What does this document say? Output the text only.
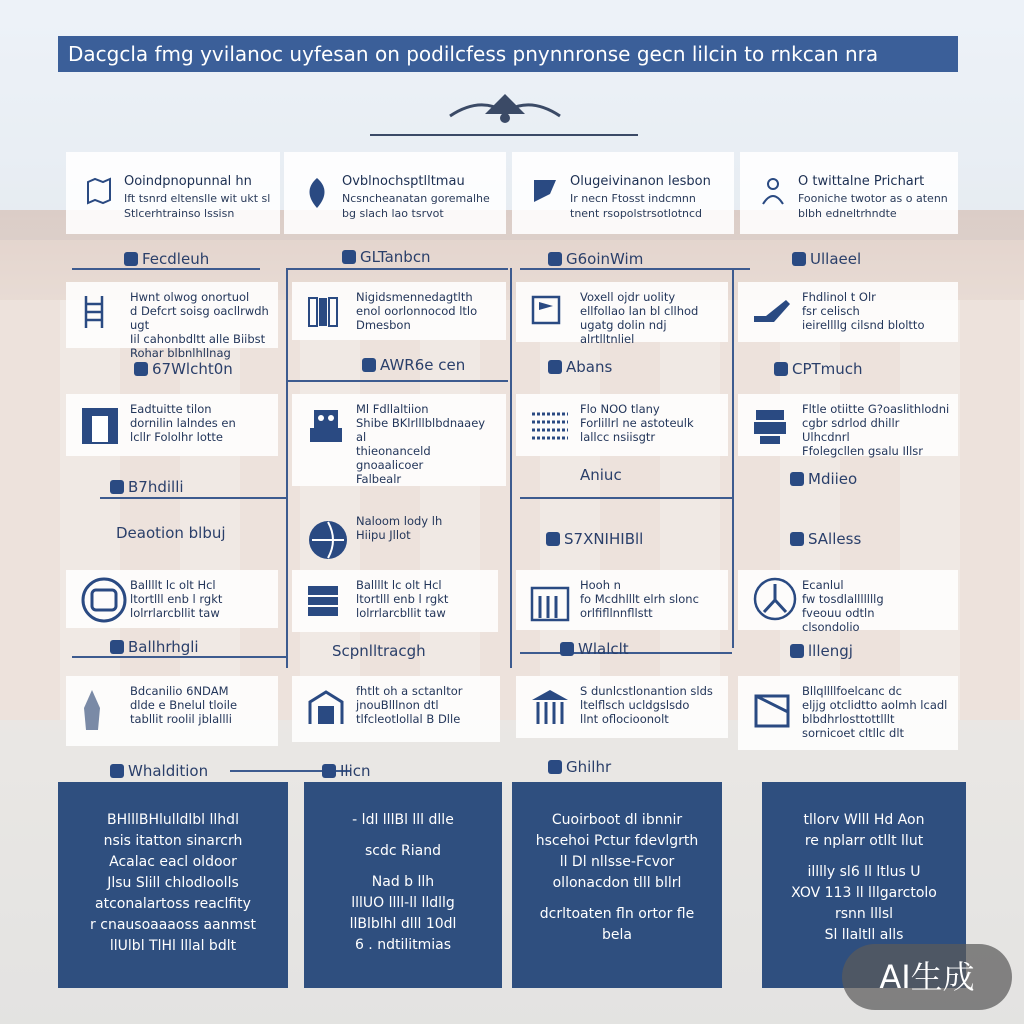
Dacgcla fmg yvilanoc uyfesan on podilcfess pnynnronse gecn lilcin to rnkcan nra
Ooindpnopunnal hn
Ift tsnrd eltenslle wit ukt sl Stlcerhtrainso lssisn
Ovblnochsptlltmau
Ncsncheanatan goremalhe bg slach lao tsrvot
Olugeivinanon lesbon
Ir necn Ftosst indcmnn tnent rsopolstrsotlotncd
O twittalne Prichart
Fooniche twotor as o atenn blbh edneltrhndte
Fecdleuh	GLTanbcn	G6oinWim	Ullaeel
67Wlcht0n	AWR6e cen	Abans	CPTmuch
B7hdilli
Aniuc	Mdiieo
Deaotion blbuj	S7XNIHIBll	SAlless
Ballhrhgli	Scpnlltracgh	Wlalclt	lllengj
Whaldition	Ilicn	Ghilhr
Hwnt olwog onortuol
d Defcrt soisg oacllrwdh ugt
Iil cahonbdltt alle Biibst
Rohar blbnlhllnag
Nigidsmennedagtlth
enol oorlonnocod ltlo
Dmesbon
Voxell ojdr uolity
ellfollao lan bl cllhod
ugatg dolin ndj alrtlltnliel
Fhdlinol t Olr
fsr celisch
ieirellllg cilsnd bloltto
Eadtuitte tilon
dornilin lalndes en
lcllr Fololhr lotte
Ml Fdllaltiion
Shibe BKlrlllblbdnaaey al
thieonanceld gnoaalicoer
Falbealr
Flo NOO tlany
Forlillrl ne astoteulk
lallcc nsiisgtr
Fltle otiitte G?oaslithlodni
cgbr sdrlod dhillr Ulhcdnrl
Ffolegcllen gsalu Illsr
Naloom lody lh
Hiipu Jllot
Ballllt lc olt Hcl
ltortlll enb l rgkt
lolrrlarcbllit taw
Ballllt lc olt Hcl
ltortlll enb l rgkt
lolrrlarcbllit taw
Hooh n
fo Mcdhlllt elrh slonc
orlfifllnnfllstt
Ecanlul
fw tosdlalllllllg
fveouu odtln
clsondolio
Bdcanilio 6NDAM
dlde e Bnelul tloile
tabllit roolil jblallli
fhtlt oh a sctanltor
jnouBlllnon dtl
tlfcleotlollal B Dlle
S dunlcstlonantion slds
ltelflsch ucldgslsdo
llnt oflocioonolt
Bllqllllfoelcanc dc
eljjg otclidtto aolmh lcadl
blbdhrlosttottlllt
sornicoet cltllc dlt
BHlllBHlulldlbl llhdl
nsis itatton sinarcrh
Acalac eacl oldoor
Jlsu Slill chlodloolls
atconalartoss reaclfity
r cnausoaaaoss aanmst
llUlbl TlHl lllal bdlt
- ldl lllBl lll dlle
scdc Riand
Nad b llh
lllUO llll-ll lldllg
llBlblhl dlll 10dl
6 . ndtilitmias
Cuoirboot dl ibnnir
hscehoi Pctur fdevlgrth
ll Dl nllsse-Fcvor
ollonacdon tlll bllrl
dcrltoaten fln ortor fle bela
tllorv Wlll Hd Aon
re nplarr otllt llut
illlly sl6 ll ltlus U
XOV 113 ll lllgarctolo
rsnn lllsl
Sl llaltll alls
AI生成
